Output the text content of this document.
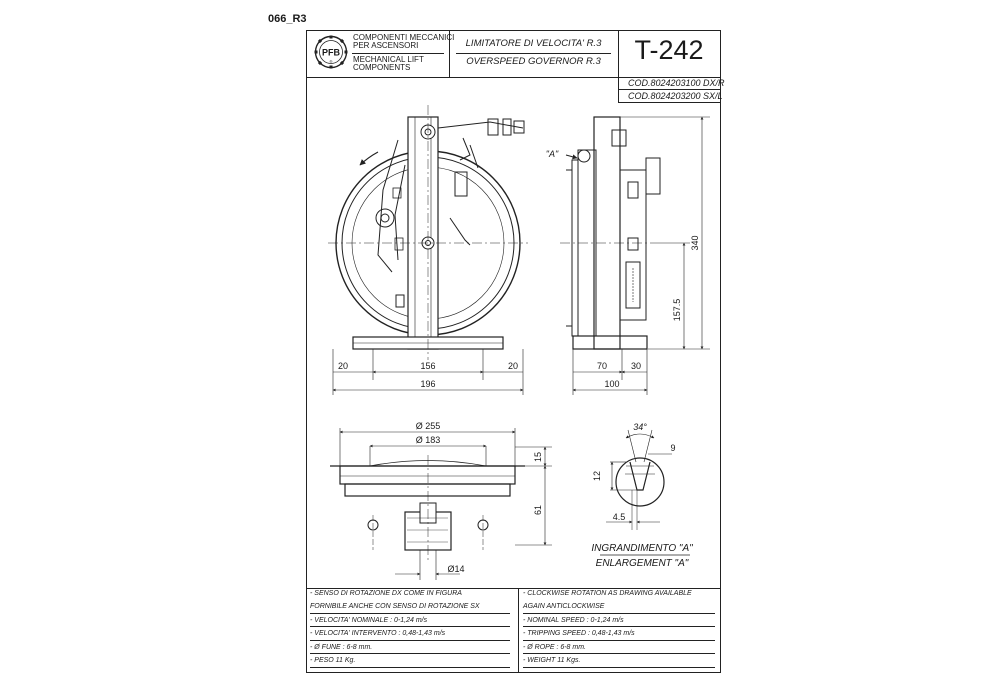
066_R3
PFB
®
COMPONENTI MECCANICI
PER ASCENSORI
MECHANICAL LIFT
COMPONENTS
LIMITATORE DI VELOCITA' R.3
OVERSPEED GOVERNOR R.3	T-242
COD.8024203100 DX/R
COD.8024203200 SX/L
20	156	20
196
70	30
100
340
157.5
Ø 255
Ø 183
15
61
Ø14
34°
9
12
4.5
"A"
INGRANDIMENTO "A"
ENLARGEMENT "A"
- SENSO DI ROTAZIONE DX COME IN FIGURA
FORNIBILE ANCHE CON SENSO DI ROTAZIONE SX
- VELOCITA' NOMINALE : 0-1,24 m/s
- VELOCITA' INTERVENTO : 0,48-1,43 m/s
- Ø FUNE : 6-8 mm.
- PESO 11 Kg.
- CLOCKWISE ROTATION AS DRAWING AVAILABLE
AGAIN ANTICLOCKWISE
- NOMINAL SPEED : 0-1,24 m/s
- TRIPPING SPEED : 0,48-1,43 m/s
- Ø ROPE : 6-8 mm.
- WEIGHT 11 Kgs.
